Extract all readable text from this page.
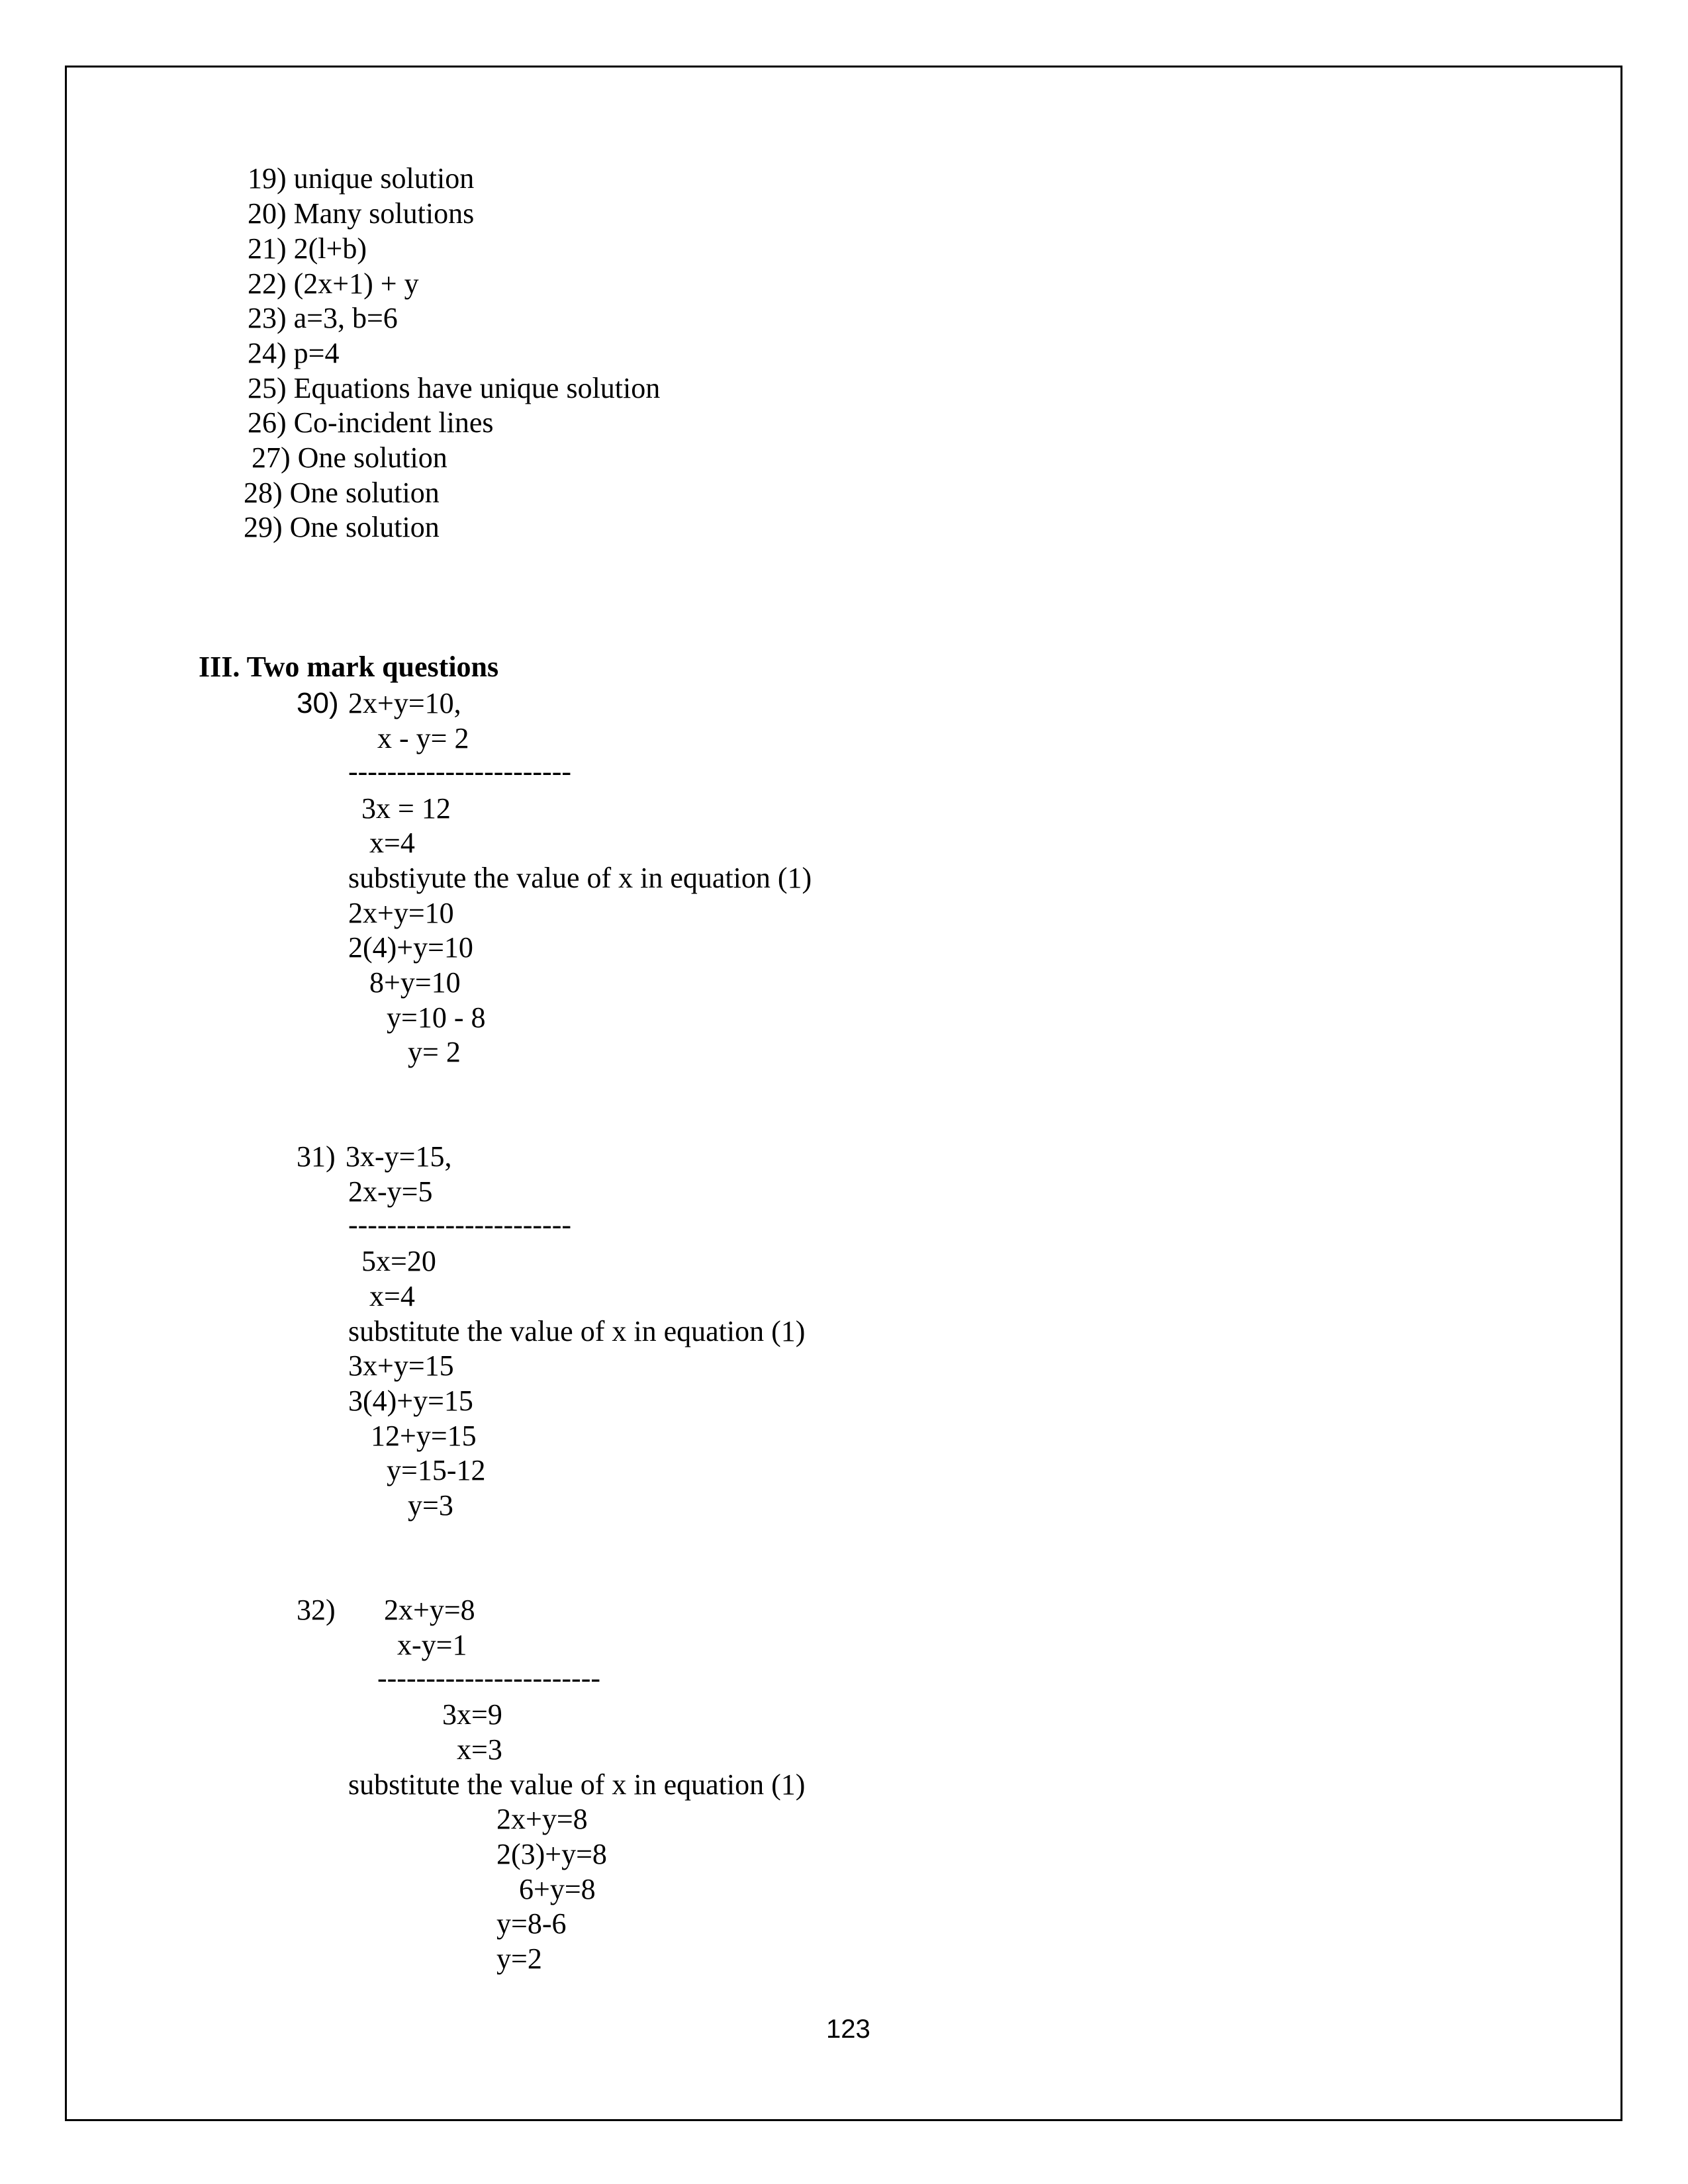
19) unique solution
20) Many solutions
21) 2(l+b)
22) (2x+1) + y
23) a=3, b=6
24) p=4
25) Equations have unique solution
26) Co-incident lines
27) One solution
28) One solution
29) One solution
III. Two mark questions
30) 2x+y=10,
x - y= 2
-----------------------
3x = 12
x=4
substiyute the value of x in equation (1)
2x+y=10
2(4)+y=10
8+y=10
y=10 - 8
y= 2
31) 3x-y=15,
2x-y=5
-----------------------
5x=20
x=4
substitute the value of x in equation (1)
3x+y=15
3(4)+y=15
12+y=15
y=15-12
y=3
32) 2x+y=8
x-y=1
-----------------------
3x=9
x=3
substitute the value of x in equation (1)
2x+y=8
2(3)+y=8
6+y=8
y=8-6
y=2
123
